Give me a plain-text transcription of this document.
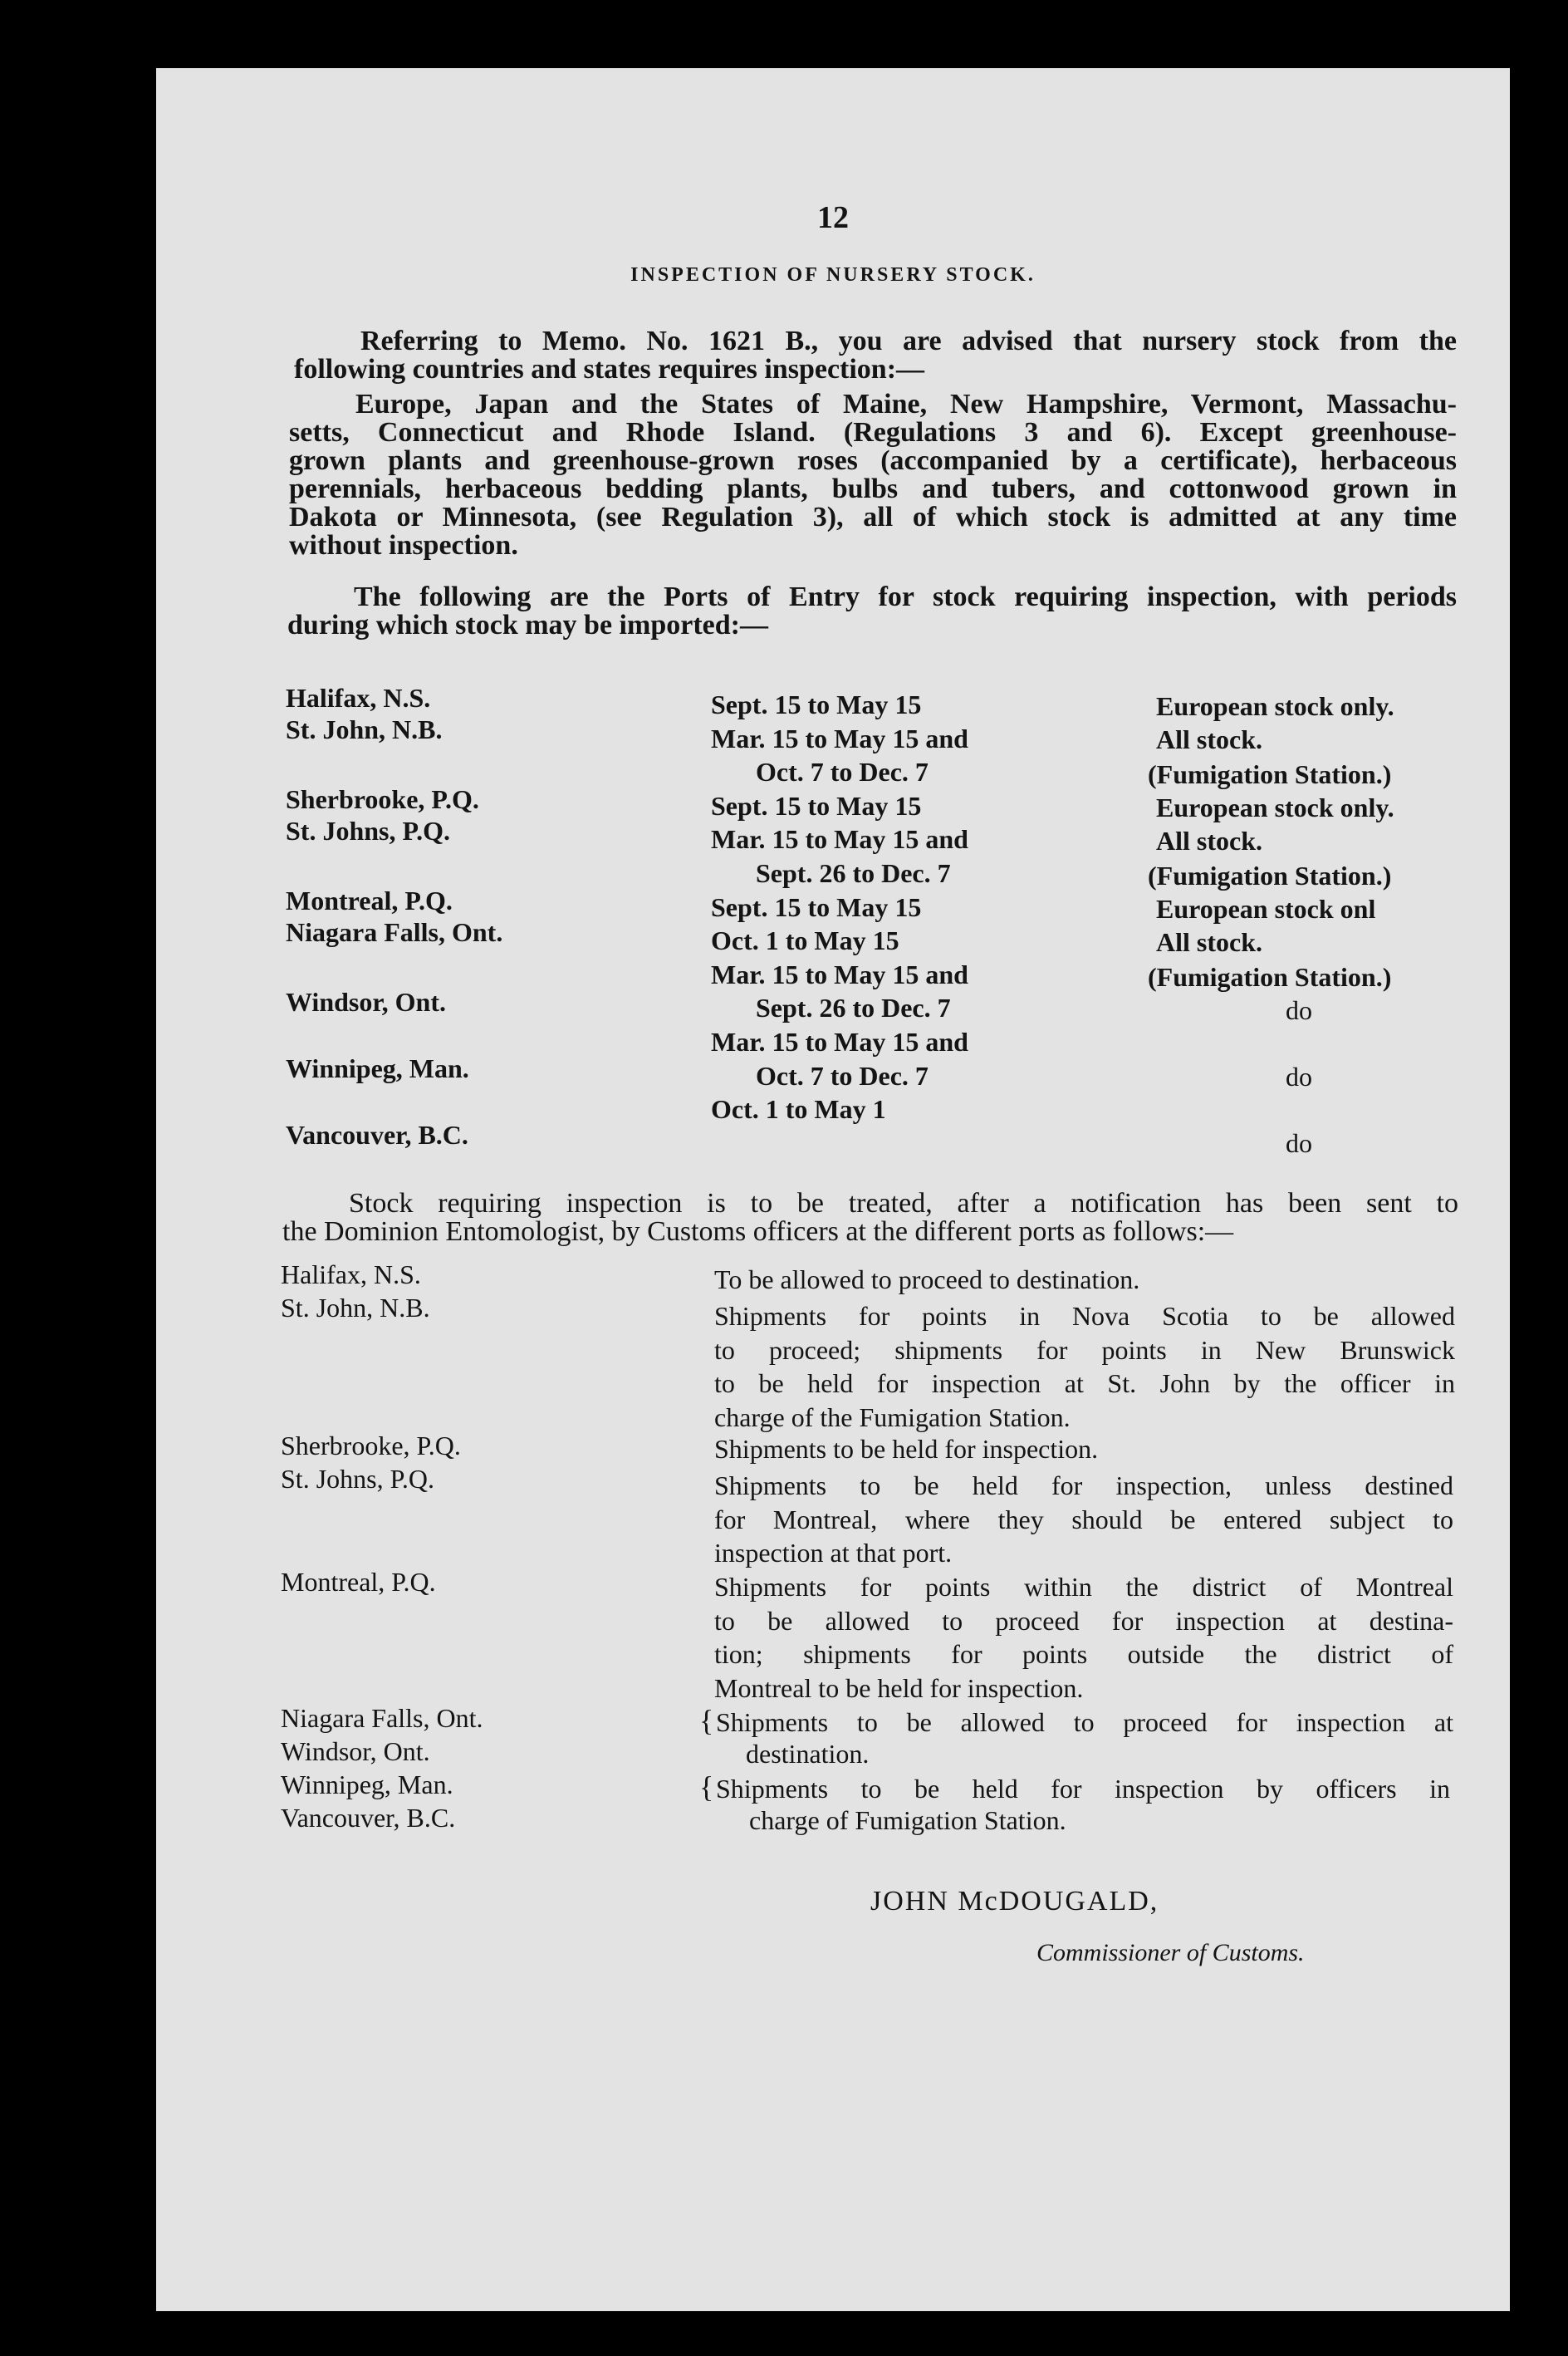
12
INSPECTION OF NURSERY STOCK.
Referring to Memo. No. 1621 B., you are advised that nursery stock from the
following countries and states requires inspection:—
Europe, Japan and the States of Maine, New Hampshire, Vermont, Massachu-
setts, Connecticut and Rhode Island. (Regulations 3 and 6). Except greenhouse-
grown plants and greenhouse-grown roses (accompanied by a certificate), herbaceous
perennials, herbaceous bedding plants, bulbs and tubers, and cottonwood grown in
Dakota or Minnesota, (see Regulation 3), all of which stock is admitted at any time
without inspection.
The following are the Ports of Entry for stock requiring inspection, with periods
during which stock may be imported:—
Halifax, N.S.
St. John, N.B.
Sherbrooke, P.Q.
St. Johns, P.Q.
Montreal, P.Q.
Niagara Falls, Ont.
Windsor, Ont.
Winnipeg, Man.
Vancouver, B.C.
Sept. 15 to May 15
Mar. 15 to May 15 and
Oct. 7 to Dec. 7
Sept. 15 to May 15
Mar. 15 to May 15 and
Sept. 26 to Dec. 7
Sept. 15 to May 15
Oct. 1 to May 15
Mar. 15 to May 15 and
Sept. 26 to Dec. 7
Mar. 15 to May 15 and
Oct. 7 to Dec. 7
Oct. 1 to May 1
European stock only.
All stock.
(Fumigation Station.)
European stock only.
All stock.
(Fumigation Station.)
European stock onl
All stock.
(Fumigation Station.)
do
do
do
Stock requiring inspection is to be treated, after a notification has been sent to
the Dominion Entomologist, by Customs officers at the different ports as follows:—
Halifax, N.S.
St. John, N.B.
Sherbrooke, P.Q.
St. Johns, P.Q.
Montreal, P.Q.
Niagara Falls, Ont.
Windsor, Ont.
Winnipeg, Man.
Vancouver, B.C.
To be allowed to proceed to destination.
Shipments for points in Nova Scotia to be allowed
to proceed; shipments for points in New Brunswick
to be held for inspection at St. John by the officer in
charge of the Fumigation Station.
Shipments to be held for inspection.
Shipments to be held for inspection, unless destined
for Montreal, where they should be entered subject to
inspection at that port.
Shipments for points within the district of Montreal
to be allowed to proceed for inspection at destina-
tion; shipments for points outside the district of
Montreal to be held for inspection.
{ Shipments to be allowed to proceed for inspection at
destination.
{ Shipments to be held for inspection by officers in
charge of Fumigation Station.
JOHN McDOUGALD,
Commissioner of Customs.
